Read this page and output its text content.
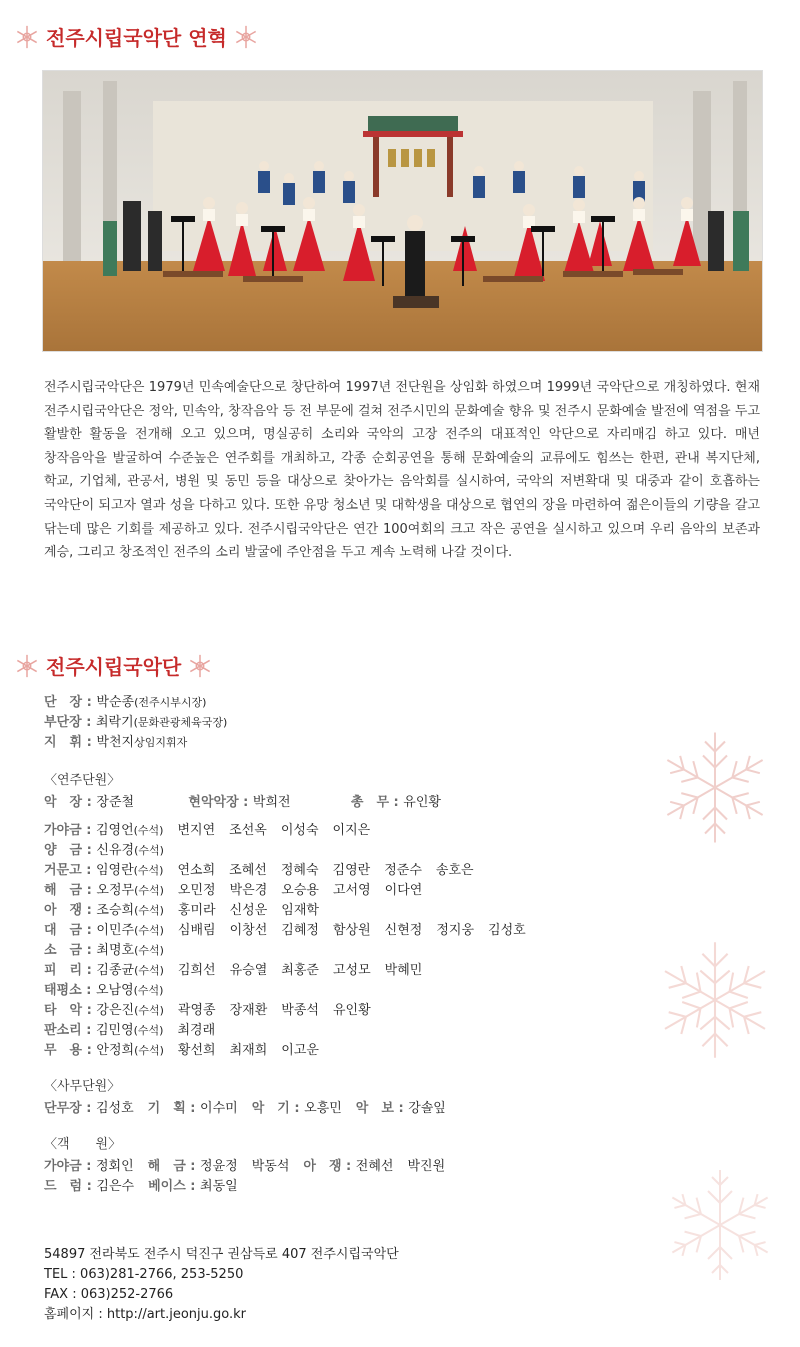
전주시립국악단 연혁
전주시립국악단은 1979년 민속예술단으로 창단하여 1997년 전단원을 상임화 하였으며 1999년 국악단으로 개칭하였다. 현재 전주시립국악단은 정악, 민속악, 창작음악 등 전 부문에 걸쳐 전주시민의 문화예술 향유 및 전주시 문화예술 발전에 역점을 두고 활발한 활동을 전개해 오고 있으며, 명실공히 소리와 국악의 고장 전주의 대표적인 악단으로 자리매김 하고 있다. 매년 창작음악을 발굴하여 수준높은 연주회를 개최하고, 각종 순회공연을 통해 문화예술의 교류에도 힘쓰는 한편, 관내 복지단체, 학교, 기업체, 관공서, 병원 및 동민 등을 대상으로 찾아가는 음악회를 실시하여, 국악의 저변확대 및 대중과 같이 호흡하는 국악단이 되고자 열과 성을 다하고 있다. 또한 유망 청소년 및 대학생을 대상으로 협연의 장을 마련하여 젊은이들의 기량을 갈고 닦는데 많은 기회를 제공하고 있다. 전주시립국악단은 연간 100여회의 크고 작은 공연을 실시하고 있으며 우리 음악의 보존과 계승, 그리고 창조적인 전주의 소리 발굴에 주안점을 두고 계속 노력해 나갈 것이다.
전주시립국악단
단　장 : 박순종 (전주시부시장)
부단장 : 최락기 (문화관광체육국장)
지　휘 : 박천지 상임지휘자
〈연주단원〉
악　장 : 장준철	현악악장 : 박희전	총　무 : 유인황
가야금 : 김영언 (수석) 변지연 조선옥 이성숙 이지은
양　금 : 신유경 (수석)
거문고 : 임영란 (수석) 연소희 조혜선 정혜숙 김영란 정준수 송호은
해　금 : 오정무 (수석) 오민정 박은경 오승용 고서영 이다연
아　쟁 : 조승희 (수석) 홍미라 신성운 임재학
대　금 : 이민주 (수석) 심배림 이창선 김혜정 함상원 신현정 정지웅 김성호
소　금 : 최명호 (수석)
피　리 : 김종균 (수석) 김희선 유승열 최홍준 고성모 박혜민
태평소 : 오남영 (수석)
타　악 : 강은진 (수석) 곽영종 장재환 박종석 유인황
판소리 : 김민영 (수석) 최경래
무　용 : 안정희 (수석) 황선희 최재희 이고운
〈사무단원〉
단무장 : 김성호 기　획 : 이수미 악　기 : 오흥민 악　보 : 강솔잎
〈객　　원〉
가야금 : 정회인 해　금 : 정윤정 박동석 아　쟁 : 전혜선 박진원
드　럼 : 김은수 베이스 : 최동일
54897 전라북도 전주시 덕진구 권삼득로 407 전주시립국악단
TEL : 063)281-2766, 253-5250
FAX : 063)252-2766
홈페이지 : http://art.jeonju.go.kr
